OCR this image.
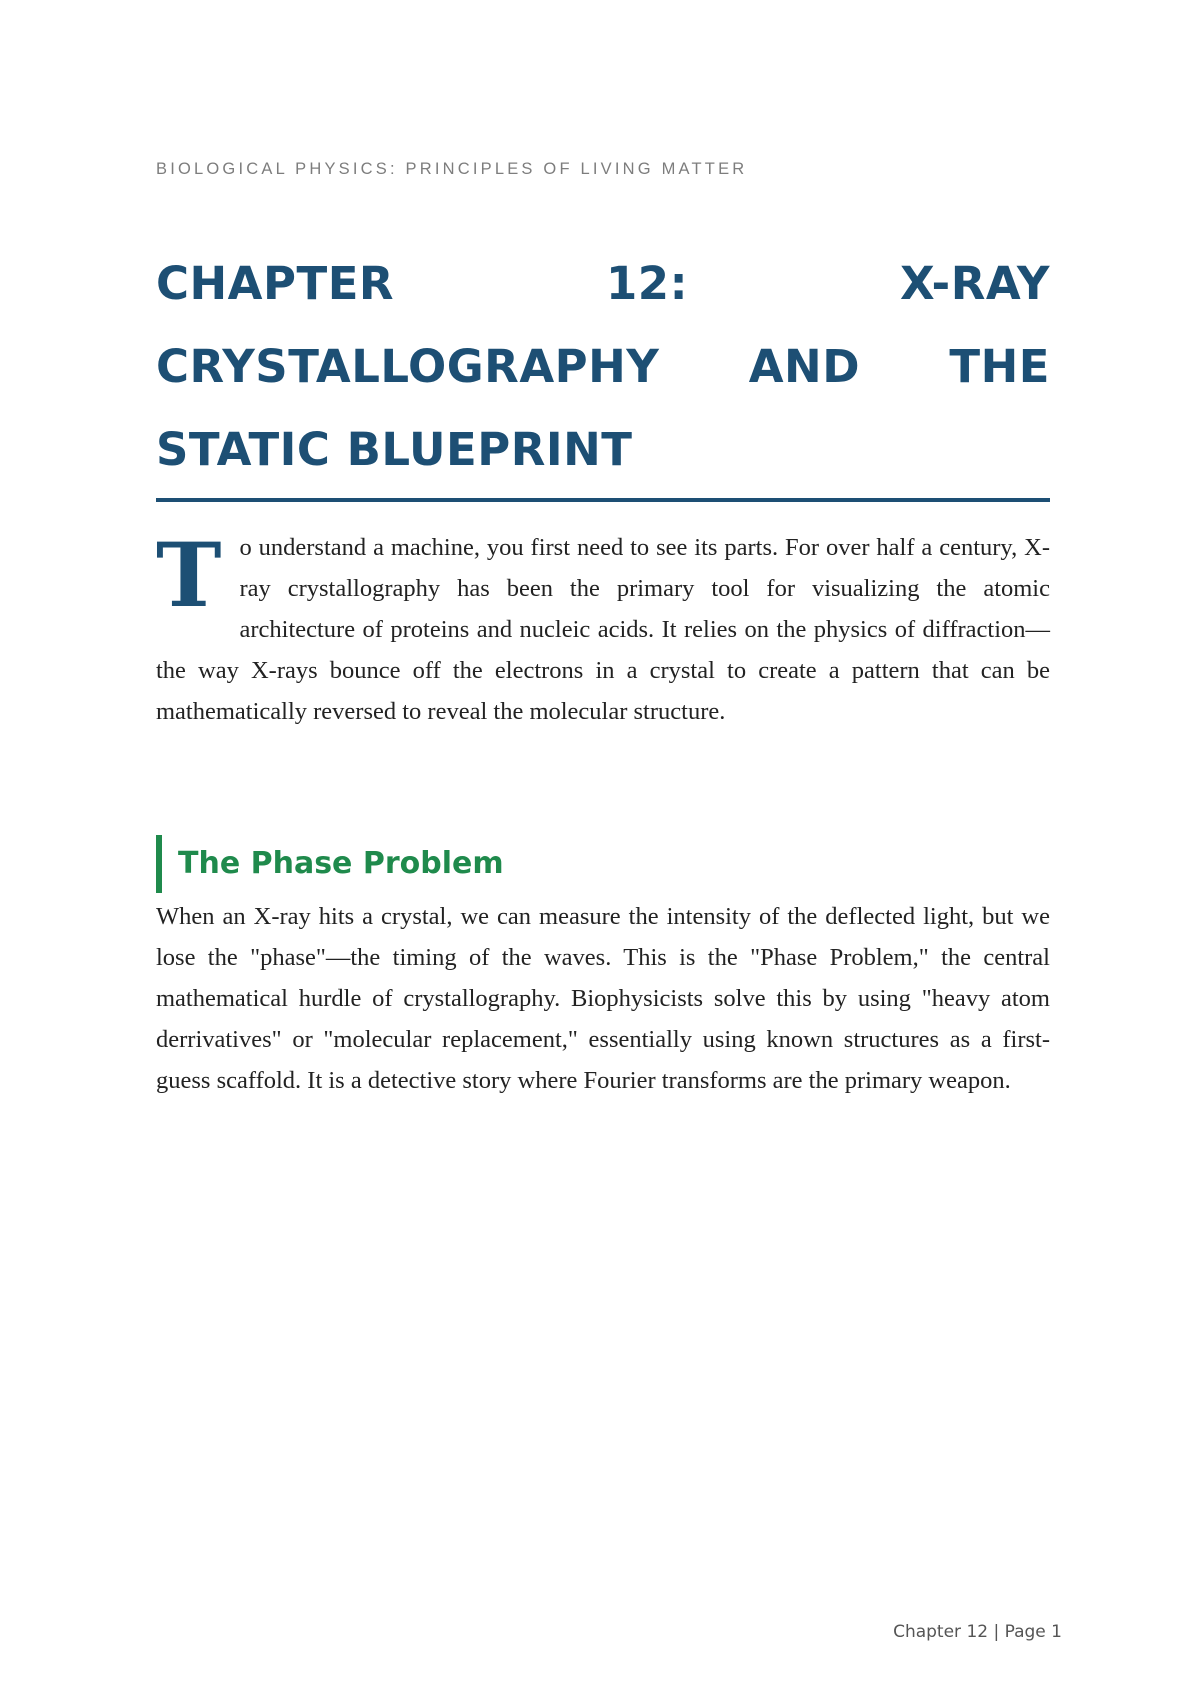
BIOLOGICAL PHYSICS: PRINCIPLES OF LIVING MATTER
CHAPTER 12: X-RAY CRYSTALLOGRAPHY AND THE STATIC BLUEPRINT
T o understand a machine, you first need to see its parts. For over half a century, X-ray crystallography has been the primary tool for visualizing the atomic architecture of proteins and nucleic acids. It relies on the physics of diffraction—the way X-rays bounce off the electrons in a crystal to create a pattern that can be mathematically reversed to reveal the molecular structure.

The Phase Problem

When an X-ray hits a crystal, we can measure the intensity of the deflected light, but we lose the "phase"—the timing of the waves. This is the "Phase Problem," the central mathematical hurdle of crystallography. Biophysicists solve this by using "heavy atom derrivatives" or "molecular replacement," essentially using known structures as a first-guess scaffold. It is a detective story where Fourier transforms are the primary weapon.

Chapter 12 | Page 1
